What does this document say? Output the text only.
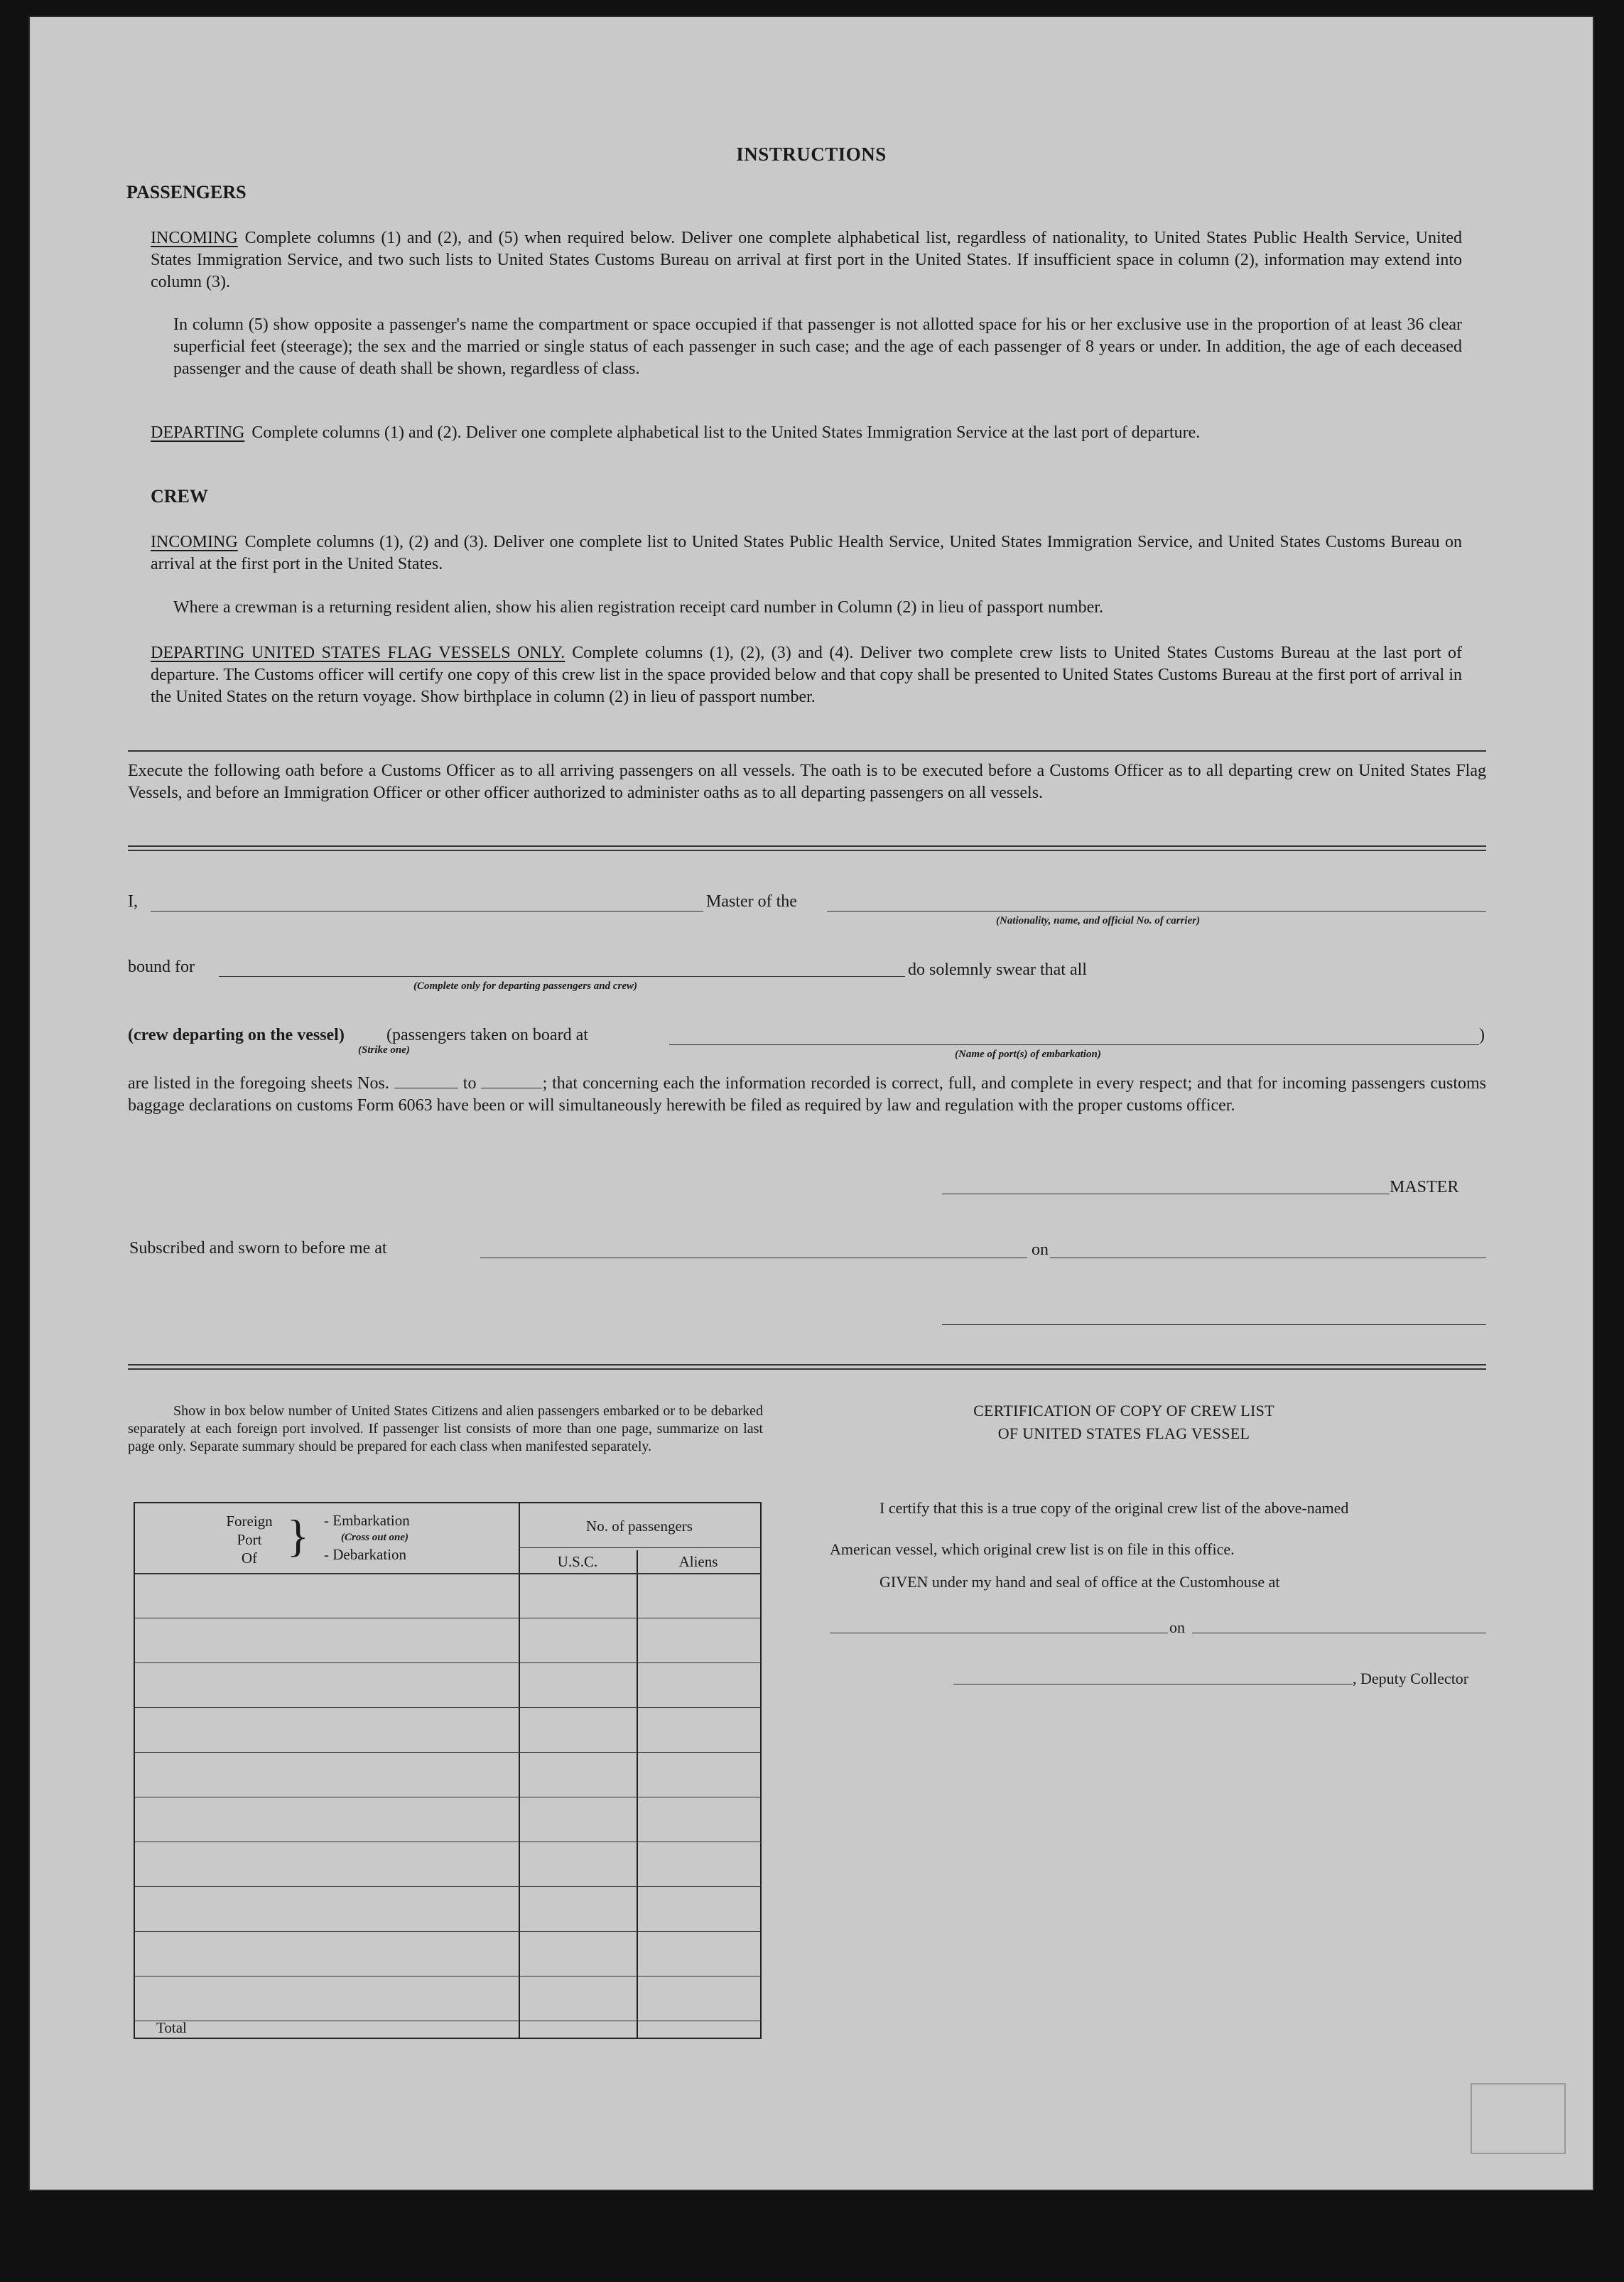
INSTRUCTIONS
PASSENGERS
INCOMING Complete columns (1) and (2), and (5) when required below. Deliver one complete alphabetical list, regardless of nationality, to United States Public Health Service, United States Immigration Service, and two such lists to United States Customs Bureau on arrival at first port in the United States. If insufficient space in column (2), information may extend into column (3).
In column (5) show opposite a passenger's name the compartment or space occupied if that passenger is not allotted space for his or her exclusive use in the proportion of at least 36 clear superficial feet (steerage); the sex and the married or single status of each passenger in such case; and the age of each passenger of 8 years or under. In addition, the age of each deceased passenger and the cause of death shall be shown, regardless of class.
DEPARTING Complete columns (1) and (2). Deliver one complete alphabetical list to the United States Immigration Service at the last port of departure.
CREW
INCOMING Complete columns (1), (2) and (3). Deliver one complete list to United States Public Health Service, United States Immigration Service, and United States Customs Bureau on arrival at the first port in the United States.
Where a crewman is a returning resident alien, show his alien registration receipt card number in Column (2) in lieu of passport number.
DEPARTING UNITED STATES FLAG VESSELS ONLY. Complete columns (1), (2), (3) and (4). Deliver two complete crew lists to United States Customs Bureau at the last port of departure. The Customs officer will certify one copy of this crew list in the space provided below and that copy shall be presented to United States Customs Bureau at the first port of arrival in the United States on the return voyage. Show birthplace in column (2) in lieu of passport number.
Execute the following oath before a Customs Officer as to all arriving passengers on all vessels. The oath is to be executed before a Customs Officer as to all departing crew on United States Flag Vessels, and before an Immigration Officer or other officer authorized to administer oaths as to all departing passengers on all vessels.
I,	Master of the
(Nationality, name, and official No. of carrier)
bound for
(Complete only for departing passengers and crew)
do solemnly swear that all
(crew departing on the vessel) (passengers taken on board at
(Strike one)
)
(Name of port(s) of embarkation)
are listed in the foregoing sheets Nos.	to	; that concerning each the information recorded is correct, full, and complete in every respect; and that for incoming passengers customs baggage declarations on customs Form 6063 have been or will simultaneously herewith be filed as required by law and regulation with the proper customs officer.
MASTER
Subscribed and sworn to before me at	on
Show in box below number of United States Citizens and alien passengers embarked or to be debarked separately at each foreign port involved. If passenger list consists of more than one page, summarize on last page only. Separate summary should be prepared for each class when manifested separately.
Foreign
Port
Of } - Embarkation
(Cross out one)
- Debarkation
No. of passengers
U.S.C.	Aliens
Total
CERTIFICATION OF COPY OF CREW LIST
OF UNITED STATES FLAG VESSEL
I certify that this is a true copy of the original crew list of the above-named
American vessel, which original crew list is on file in this office.
GIVEN under my hand and seal of office at the Customhouse at
on
, Deputy Collector
